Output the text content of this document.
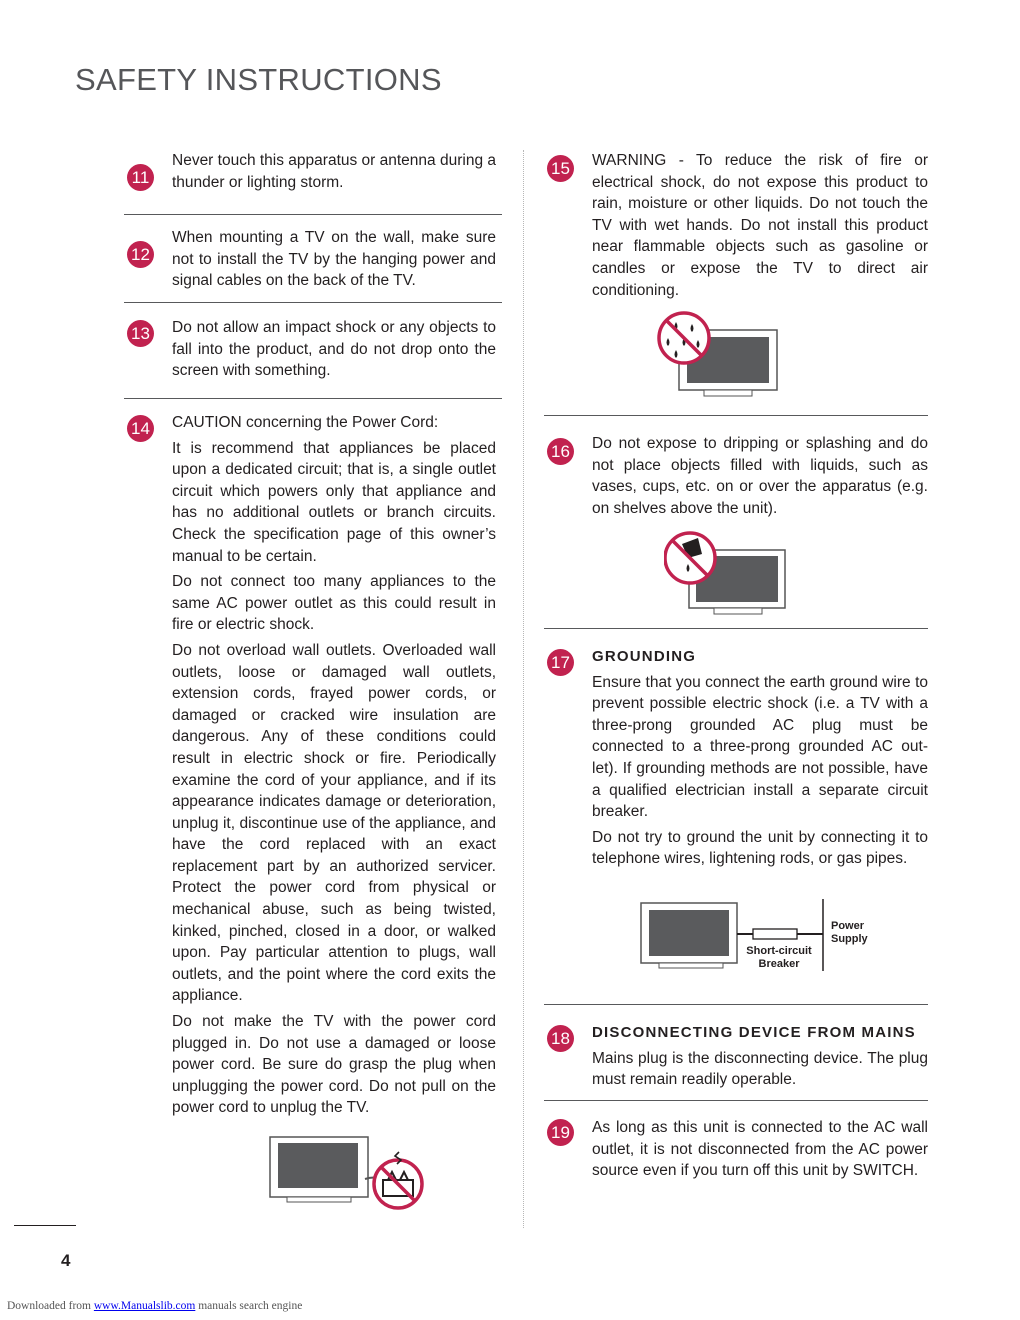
SAFETY INSTRUCTIONS
11
Never touch this apparatus or antenna during a thunder or lighting storm.
12
When mounting a TV on the wall, make sure not to install the TV by the hanging power and signal cables on the back of the TV.
13 Do not allow an impact shock or any objects to fall into the product, and do not drop onto the screen with something.
14 CAUTION concerning the Power Cord:

It is recommend that appliances be placed upon a dedicated circuit; that is, a single outlet circuit which powers only that appliance and has no additional outlets or branch circuits. Check the specification page of this owner’s manual to be certain.

Do not connect too many appliances to the same AC power outlet as this could result in fire or electric shock.

Do not overload wall outlets. Overloaded wall outlets, loose or damaged wall outlets, extension cords, frayed power cords, or damaged or cracked wire insulation are dangerous. Any of these conditions could result in electric shock or fire. Periodically examine the cord of your appliance, and if its appearance indicates damage or deterioration, unplug it, discontinue use of the appliance, and have the cord replaced with an exact replacement part by an authorized servicer. Protect the power cord from physical or mechanical abuse, such as being twisted, kinked, pinched, closed in a door, or walked upon. Pay particular attention to plugs, wall outlets, and the point where the cord exits the appliance.

Do not make the TV with the power cord plugged in. Do not use a damaged or loose power cord. Be sure do grasp the plug when unplugging the power cord. Do not pull on the power cord to unplug the TV.

15 WARNING - To reduce the risk of fire or electrical shock, do not expose this product to rain, moisture or other liquids. Do not touch the TV with wet hands. Do not install this product near flammable objects such as gasoline or candles or expose the TV to direct air conditioning.
16 Do not expose to dripping or splashing and do not place objects filled with liquids, such as vases, cups, etc. on or over the apparatus (e.g. on shelves above the unit).
17 GROUNDING

Ensure that you connect the earth ground wire to prevent possible electric shock (i.e. a TV with a three-prong grounded AC plug must be connected to a three-prong grounded AC out-let). If grounding methods are not possible, have a qualified electrician install a separate circuit breaker.

Do not try to ground the unit by connecting it to telephone wires, lightening rods, or gas pipes.

Power
Supply
Short-circuit
Breaker
18 DISCONNECTING DEVICE FROM MAINS

Mains plug is the disconnecting device. The plug must remain readily operable.

19 As long as this unit is connected to the AC wall outlet, it is not disconnected from the AC power source even if you turn off this unit by SWITCH.
4
Downloaded from www.Manualslib.com manuals search engine
